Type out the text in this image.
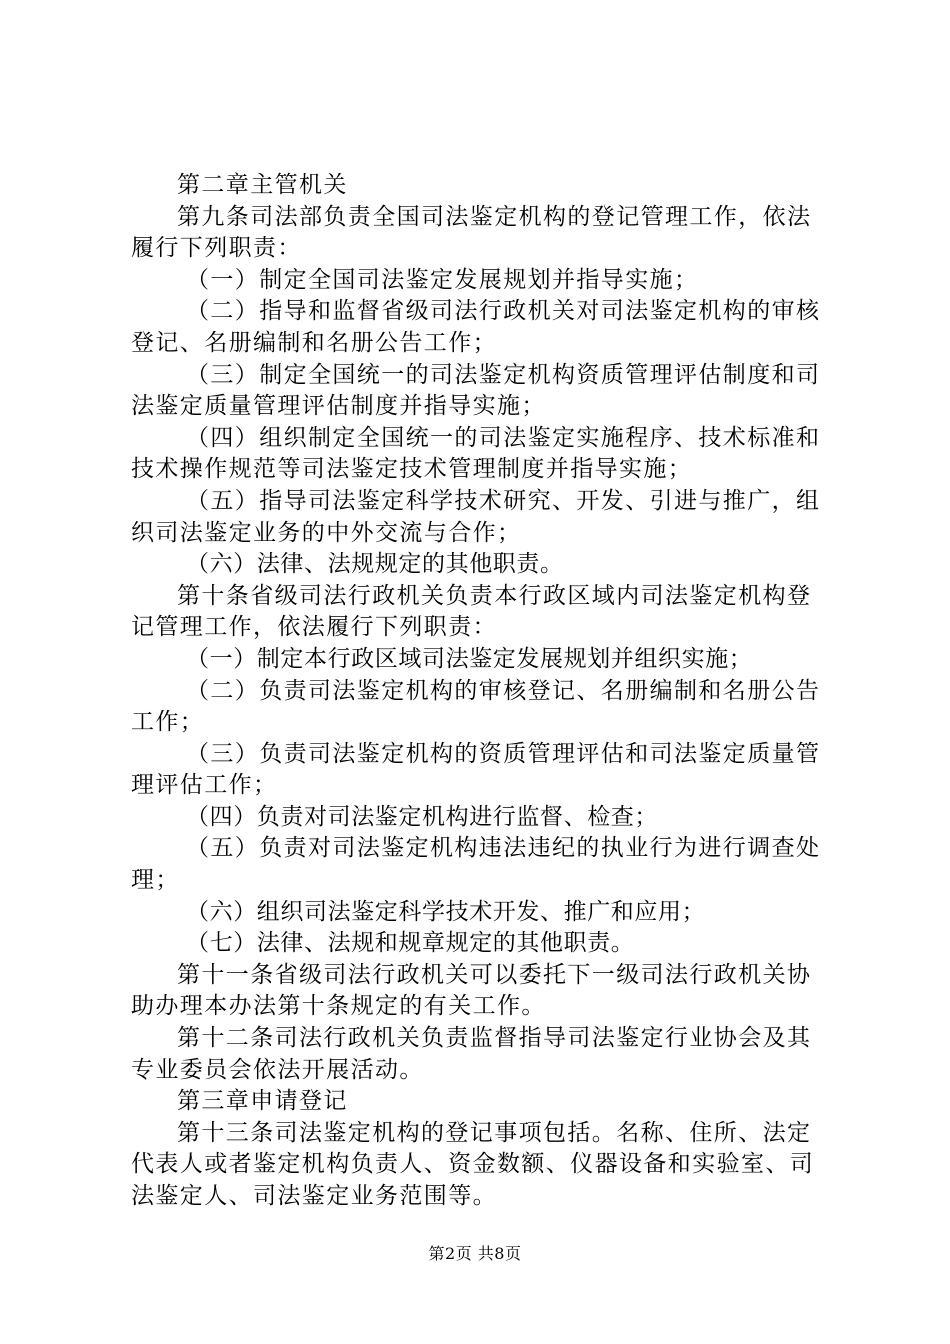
第二章主管机关

第九条司法部负责全国司法鉴定机构的登记管理工作，依法履行下列职责：

（一）制定全国司法鉴定发展规划并指导实施；

（二）指导和监督省级司法行政机关对司法鉴定机构的审核登记、名册编制和名册公告工作；

（三）制定全国统一的司法鉴定机构资质管理评估制度和司法鉴定质量管理评估制度并指导实施；

（四）组织制定全国统一的司法鉴定实施程序、技术标准和技术操作规范等司法鉴定技术管理制度并指导实施；

（五）指导司法鉴定科学技术研究、开发、引进与推广，组织司法鉴定业务的中外交流与合作；

（六）法律、法规规定的其他职责。

第十条省级司法行政机关负责本行政区域内司法鉴定机构登记管理工作，依法履行下列职责：

（一）制定本行政区域司法鉴定发展规划并组织实施；

（二）负责司法鉴定机构的审核登记、名册编制和名册公告工作；

（三）负责司法鉴定机构的资质管理评估和司法鉴定质量管理评估工作；

（四）负责对司法鉴定机构进行监督、检查；

（五）负责对司法鉴定机构违法违纪的执业行为进行调查处理；

（六）组织司法鉴定科学技术开发、推广和应用；

（七）法律、法规和规章规定的其他职责。

第十一条省级司法行政机关可以委托下一级司法行政机关协助办理本办法第十条规定的有关工作。

第十二条司法行政机关负责监督指导司法鉴定行业协会及其专业委员会依法开展活动。

第三章申请登记

第十三条司法鉴定机构的登记事项包括。名称、住所、法定代表人或者鉴定机构负责人、资金数额、仪器设备和实验室、司法鉴定人、司法鉴定业务范围等。

第2页 共8页
